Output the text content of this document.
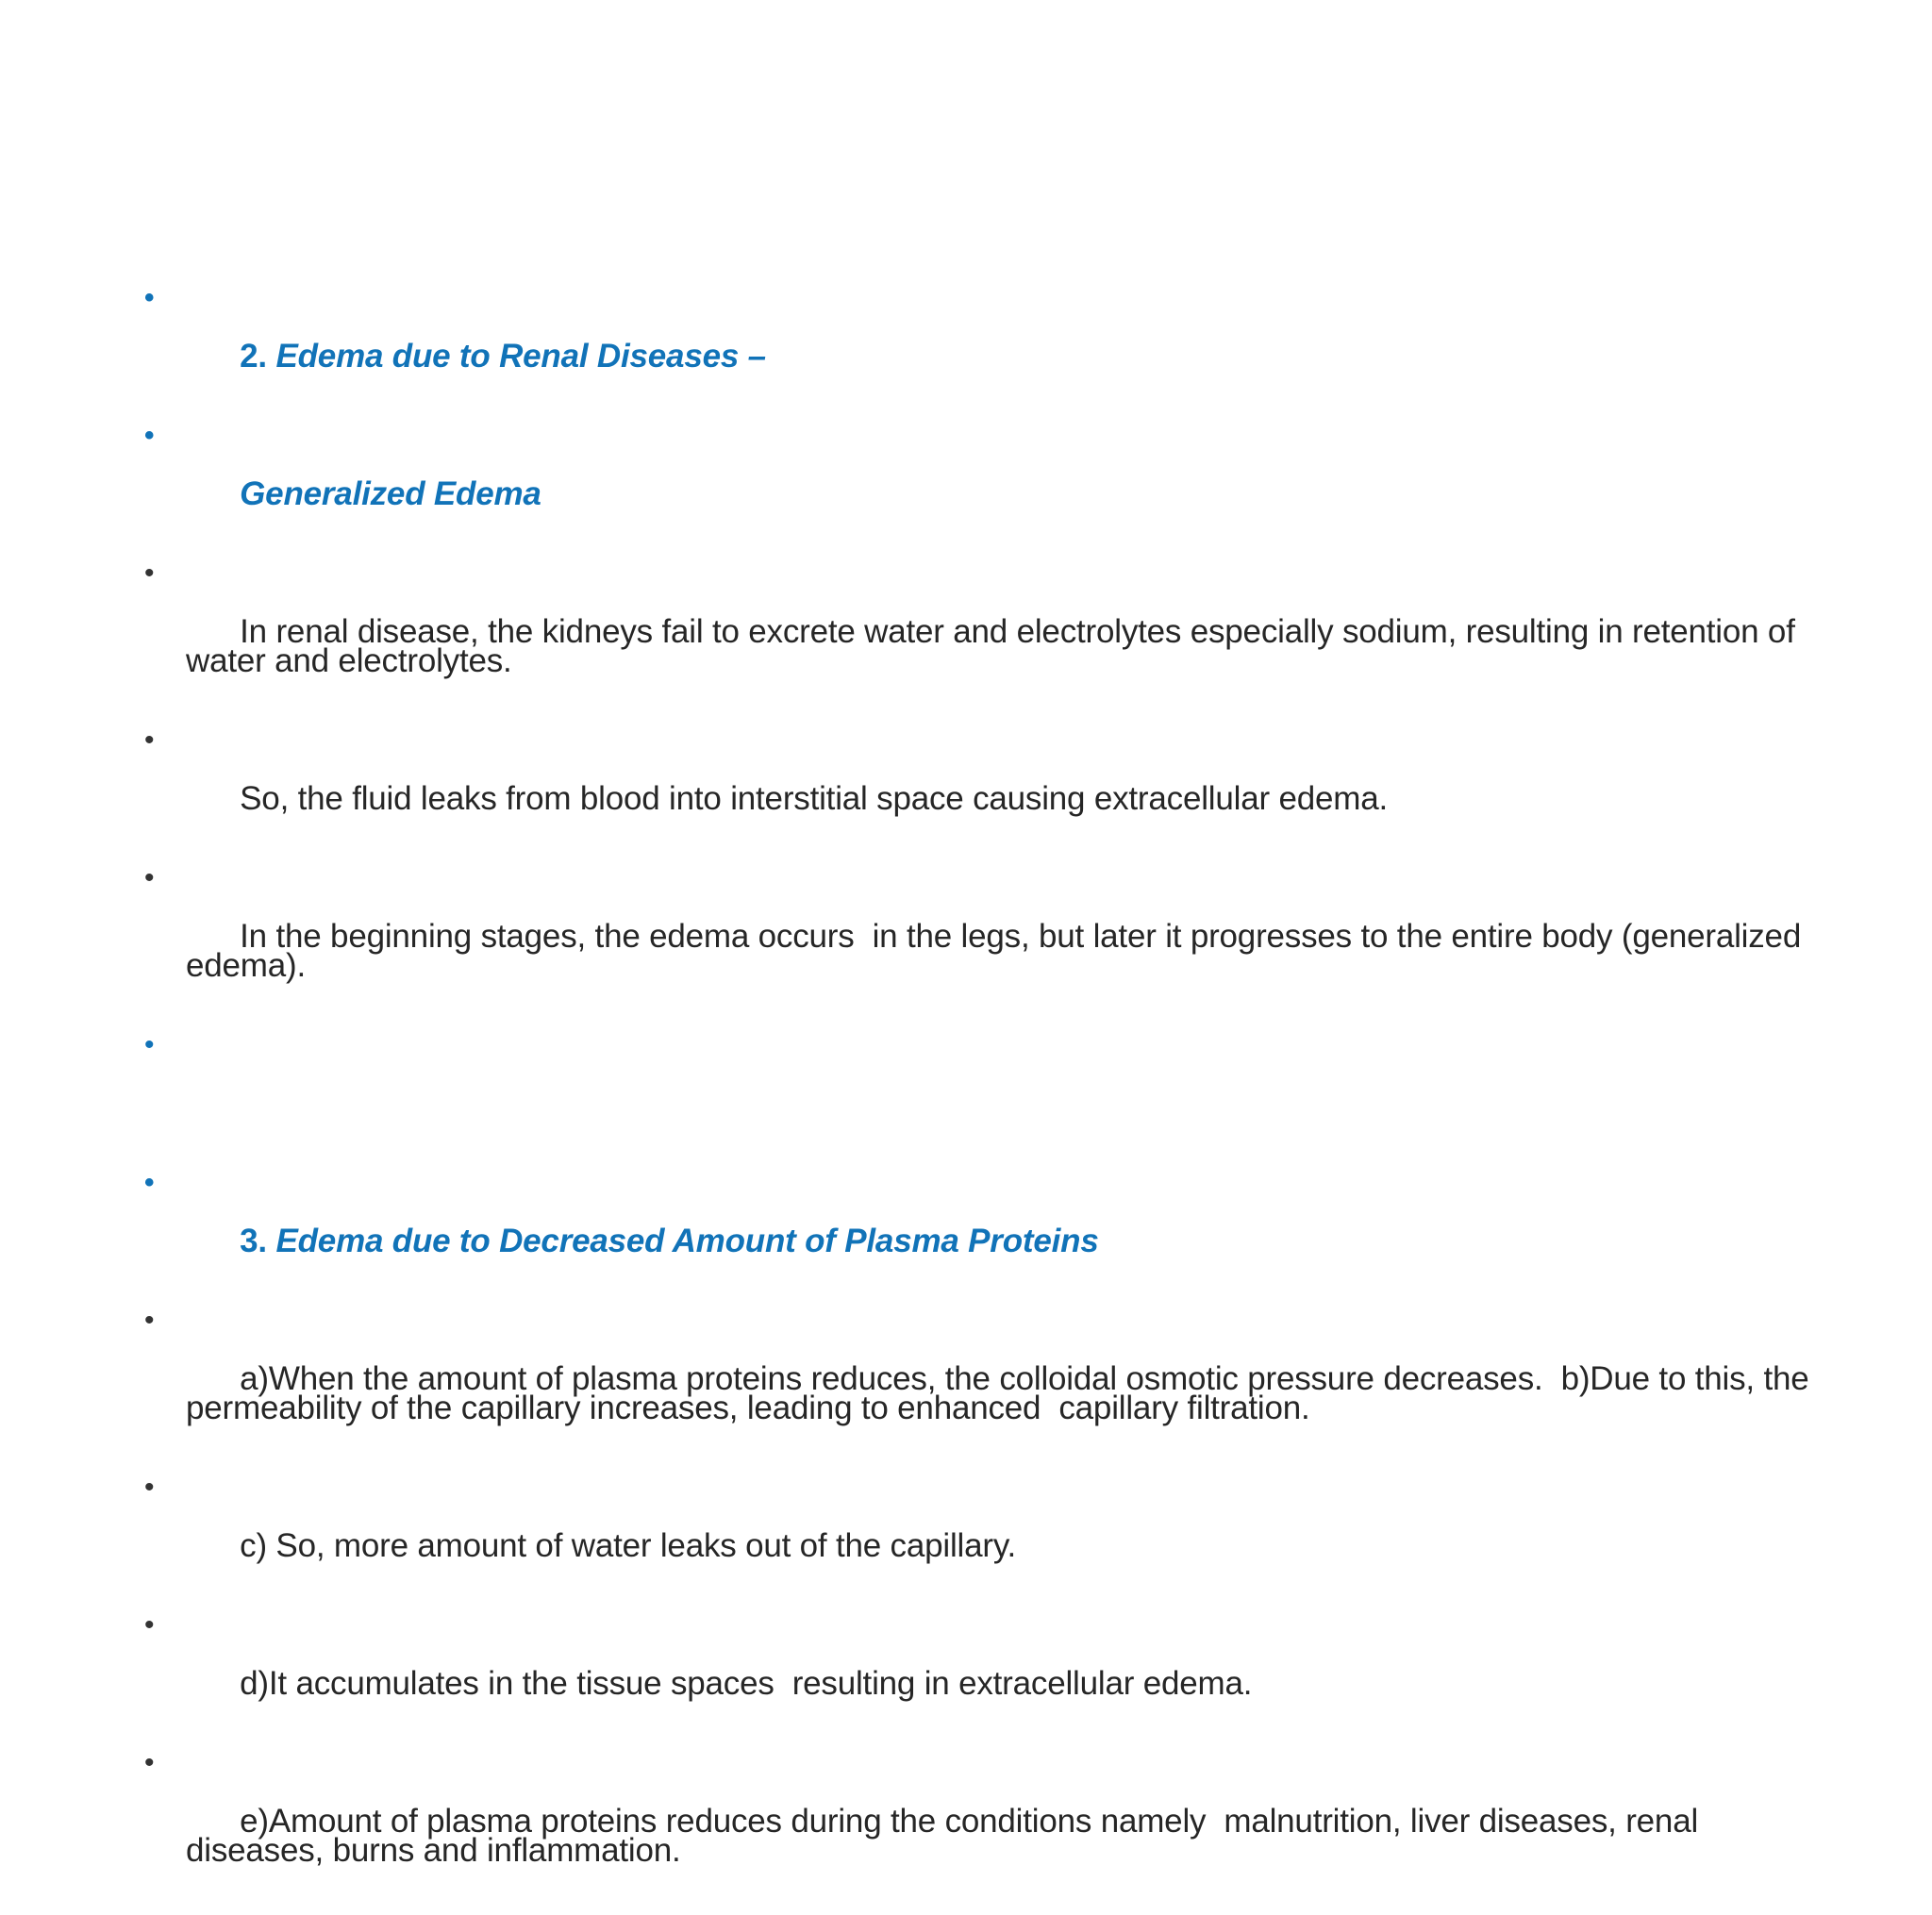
•

2. Edema due to Renal Diseases –

•

Generalized Edema

•

In renal disease, the kidneys fail to excrete water and electrolytes especially sodium, resulting in retention of water and electrolytes.

•

So, the fluid leaks from blood into interstitial space causing extracellular edema.

•

In the beginning stages, the edema occurs  in the legs, but later it progresses to the entire body (generalized edema).

•

•

3. Edema due to Decreased Amount of Plasma Proteins

•

a)When the amount of plasma proteins reduces, the colloidal osmotic pressure decreases.  b)Due to this, the permeability of the capillary increases, leading to enhanced  capillary filtration.

•

c) So, more amount of water leaks out of the capillary.

•

d)It accumulates in the tissue spaces  resulting in extracellular edema.

•

e)Amount of plasma proteins reduces during the conditions namely  malnutrition, liver diseases, renal diseases, burns and inflammation.
